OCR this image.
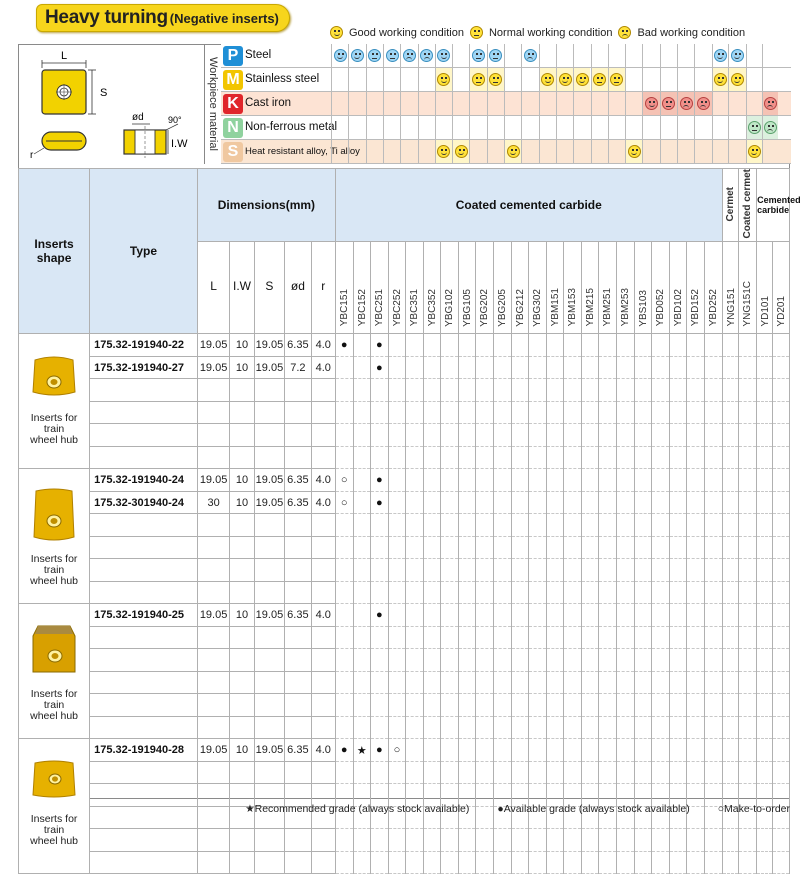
Heavy turning (Negative inserts)
Good working condition Normal working condition Bad working condition
L
S
r
ød	90°
I.W Workpiece material
P Steel
M Stainless steel
K Cast iron
N Non-ferrous metal
S Heat resistant alloy, Ti alloy
Inserts shape	Type	Dimensions(mm)					Coated cemented carbide																						Cermet	Coated cermet	Cemented carbide	
		L	I.W	S	ød	r	YBC151	YBC152	YBC251	YBC252	YBC351	YBC352	YBG102	YBG105	YBG202	YBG205	YBG212	YBG302	YBM151	YBM153	YBM215	YBM251	YBM253	YBS103	YBD052	YBD102	YBD152	YBD252	YNG151	YNG151C	YD101	YD201

Inserts for train wheel hub	175.32-191940-22	19.05	10	19.05	6.35	4.0	●		●																							
	175.32-191940-27	19.05	10	19.05	7.2	4.0			●																							

Inserts for train wheel hub	175.32-191940-24	19.05	10	19.05	6.35	4.0	○		●																							
	175.32-301940-24	30	10	19.05	6.35	4.0	○		●																							

Inserts for train wheel hub	175.32-191940-25	19.05	10	19.05	6.35	4.0			●																							

Inserts for train wheel hub	175.32-191940-28	19.05	10	19.05	6.35	4.0	●	★	●	○																						

★Recommended grade (always stock available)	●Available grade (always stock available)	○Make-to-order
